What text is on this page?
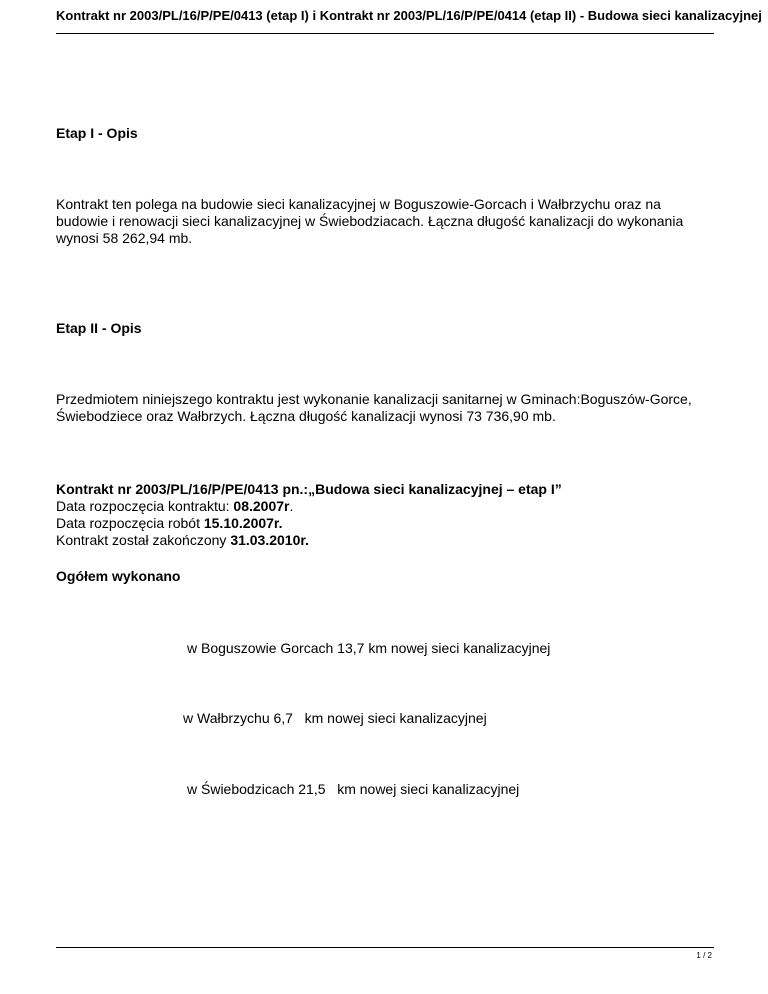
Kontrakt nr 2003/PL/16/P/PE/0413 (etap I) i Kontrakt nr 2003/PL/16/P/PE/0414 (etap II) - Budowa sieci kanalizacyjnej
Etap I - Opis
Kontrakt ten polega na budowie sieci kanalizacyjnej w Boguszowie-Gorcach i Wałbrzychu oraz na budowie i renowacji sieci kanalizacyjnej w Świebodziacach. Łączna długość kanalizacji do wykonania wynosi 58 262,94 mb.
Etap II - Opis
Przedmiotem niniejszego kontraktu jest wykonanie kanalizacji sanitarnej w Gminach:Boguszów-Gorce, Świebodziece oraz Wałbrzych. Łączna długość kanalizacji wynosi 73 736,90 mb.
Kontrakt nr 2003/PL/16/P/PE/0413 pn.:„Budowa sieci kanalizacyjnej – etap I”
Data rozpoczęcia kontraktu: 08.2007r.
Data rozpoczęcia robót 15.10.2007r.
Kontrakt został zakończony 31.03.2010r.
Ogółem wykonano
w Boguszowie Gorcach 13,7 km nowej sieci kanalizacyjnej
w Wałbrzychu 6,7   km nowej sieci kanalizacyjnej
w Świebodzicach 21,5   km nowej sieci kanalizacyjnej
1 / 2
